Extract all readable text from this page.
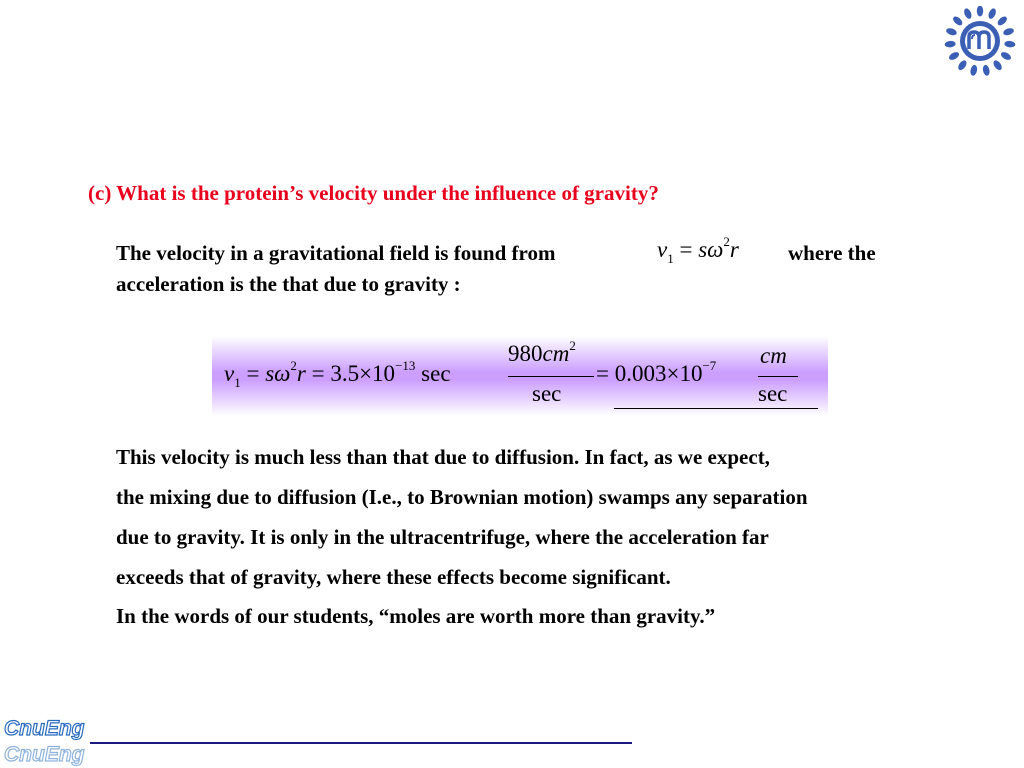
(c) What is the protein’s velocity under the influence of gravity?
The velocity in a gravitational field is found from	$v_1 = s\omega^2r$ where the
acceleration is the that due to gravity :
$v_1 = s\omega^2r = 3.5\times 10^{-13}$ sec
$980cm^2$
sec
= $0.003\times 10^{-7}$ cm
sec
This velocity is much less than that due to diffusion. In fact, as we expect,
the mixing due to diffusion (I.e., to Brownian motion) swamps any separation
due to gravity. It is only in the ultracentrifuge, where the acceleration far
exceeds that of gravity, where these effects become significant.
In the words of our students, “moles are worth more than gravity.”
CnuEng
CnuEng
